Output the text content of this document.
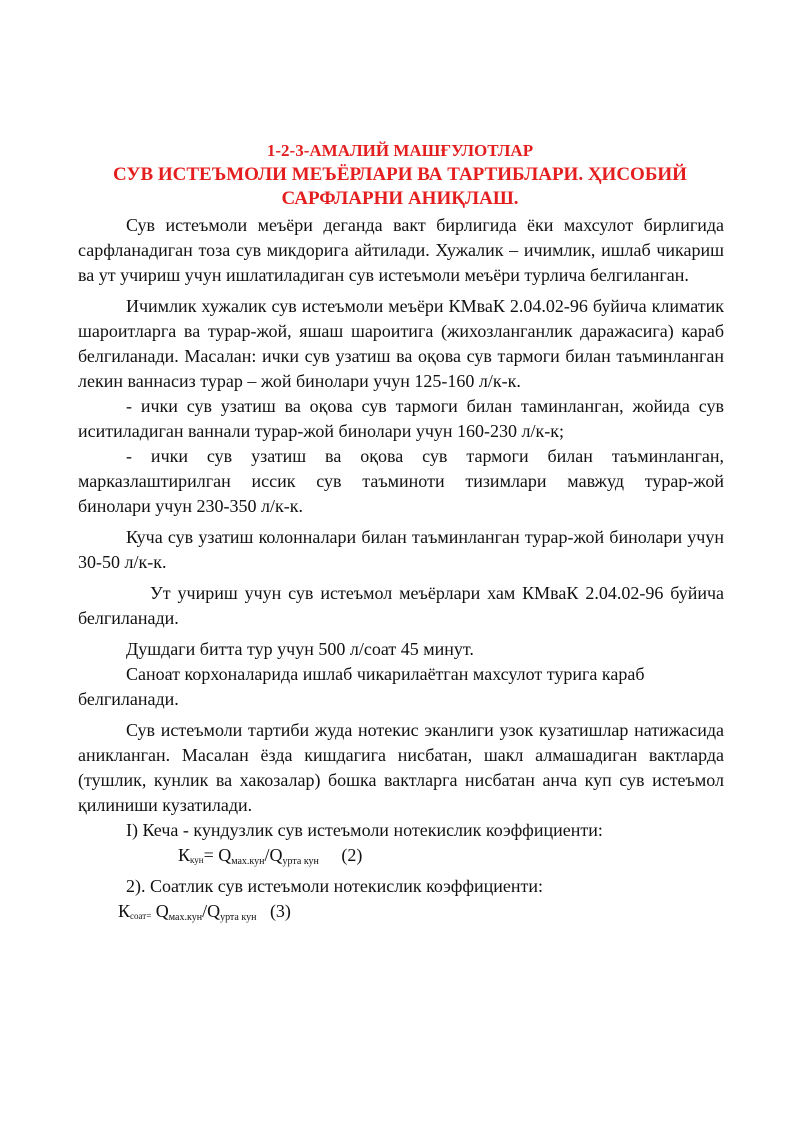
1-2-3-АМАЛИЙ МАШҒУЛОТЛАР
СУВ ИСТЕЪМОЛИ МЕЪЁРЛАРИ ВА ТАРТИБЛАРИ. ҲИСОБИЙ
САРФЛАРНИ АНИҚЛАШ.

Сув истеъмоли меъёри деганда вакт бирлигида ёки махсулот бирлигида сарфланадиган тоза сув микдорига айтилади. Хужалик – ичимлик, ишлаб чикариш ва ут учириш учун ишлатиладиган сув истеъмоли меъёри турлича белгиланган.

Ичимлик хужалик сув истеъмоли меъёри КМваК 2.04.02-96 буйича климатик шароитларга ва турар-жой, яшаш шароитига (жихозланганлик даражасига) караб белгиланади. Масалан: ички сув узатиш ва оқова сув тармоги билан таъминланган лекин ваннасиз турар – жой бинолари учун 125-160 л/к-к.

- ички сув узатиш ва оқова сув тармоги билан таминланган, жойида сув иситиладиган ваннали турар-жой бинолари учун 160-230 л/к-к;

- ички сув узатиш ва оқова сув тармоги билан таъминланган,
марказлаштирилган иссик сув таъминоти тизимлари мавжуд турар-жой
бинолари учун 230-350 л/к-к.

Куча сув узатиш колонналари билан таъминланган турар-жой бинолари учун 30-50 л/к-к.

Ут учириш учун сув истеъмол меъёрлари хам КМваК 2.04.02-96 буйича белгиланади.

Душдаги битта тур учун 500 л/соат 45 минут.

Саноат корхоналарида ишлаб чикарилаётган махсулот турига караб белгиланади.

Сув истеъмоли тартиби жуда нотекис эканлиги узок кузатишлар натижасида аникланган. Масалан ёзда кишдагига нисбатан, шакл алмашадиган вактларда (тушлик, кунлик ва хакозалар) бошка вактларга нисбатан анча куп сув истеъмол қилиниши кузатилади.

I) Кеча - кундузлик сув истеъмоли нотекислик коэффициенти:

$К_{кун}= Q_{мах.кун}/Q_{урта кун}$ (2)

2). Соатлик сув истеъмоли нотекислик коэффициенти:

$К_{соат=}$ $Q_{мах.кун}/Q_{урта кун}$ (3)
